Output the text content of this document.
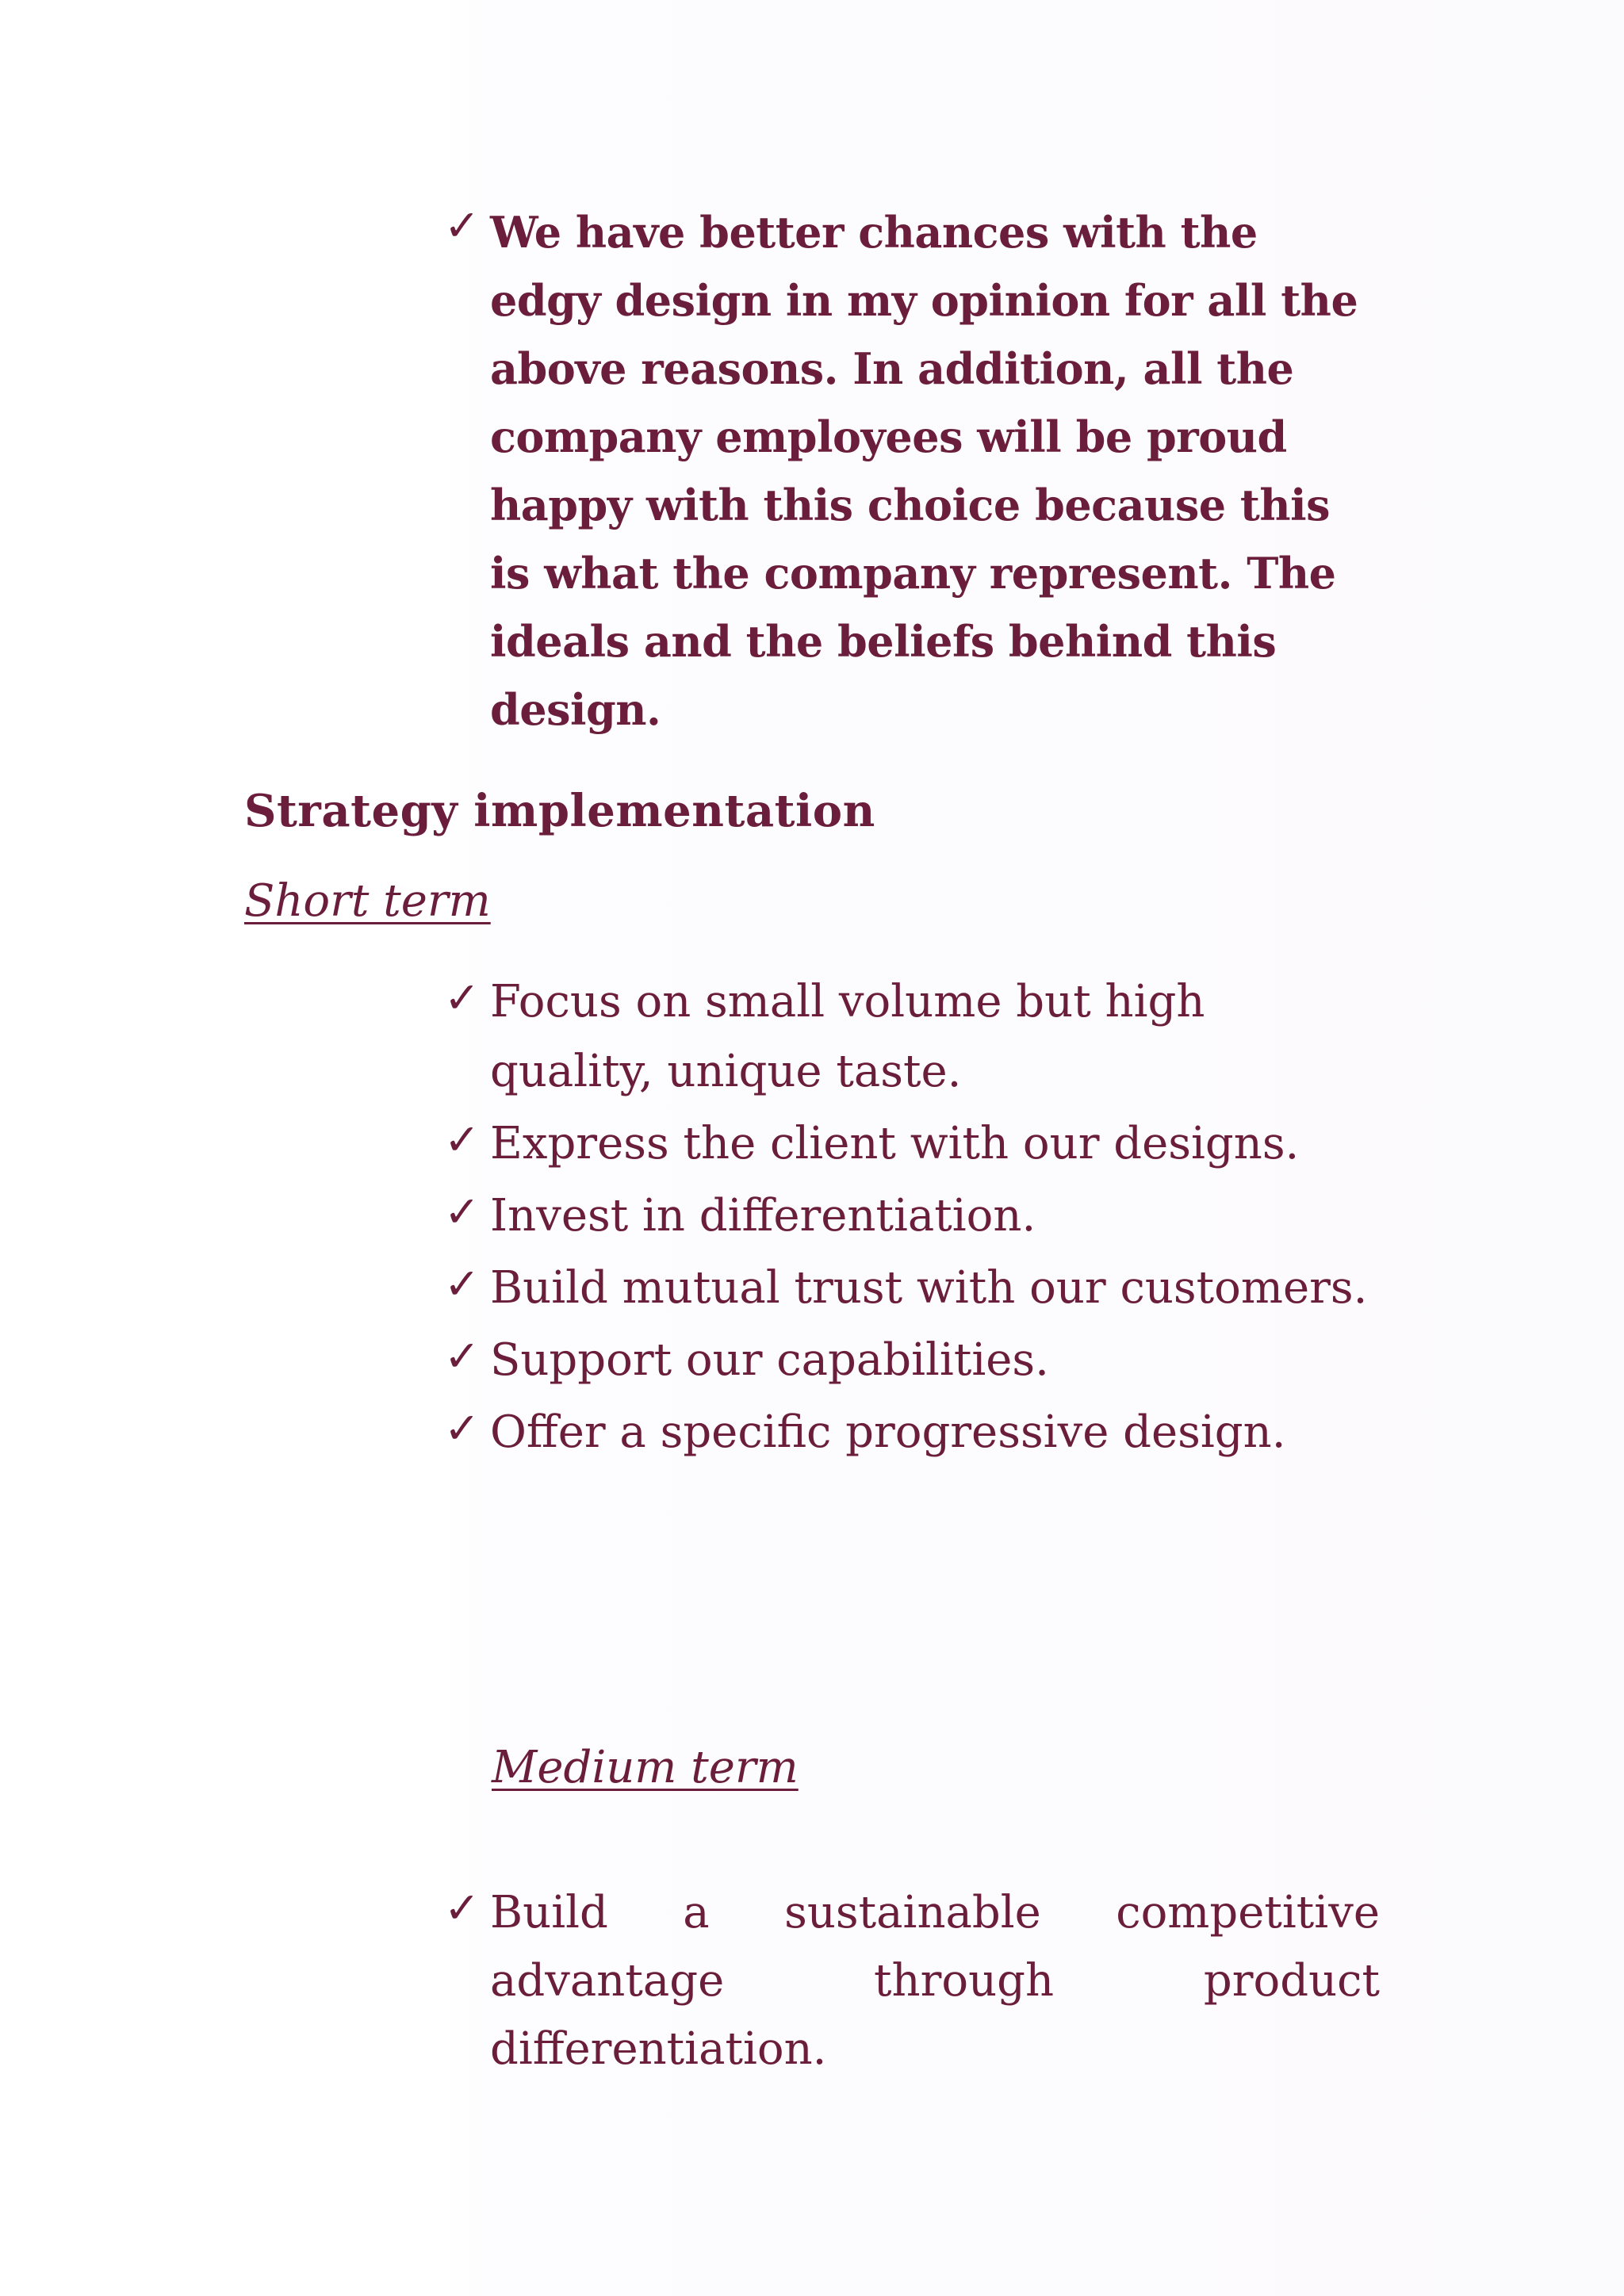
✓ We have better chances with the edgy design in my opinion for all the above reasons. In addition, all the company employees will be proud happy with this choice because this is what the company represent. The ideals and the beliefs behind this design.
Strategy implementation
Short term
✓ Focus on small volume but high quality, unique taste.
✓ Express the client with our designs.
✓ Invest in differentiation.
✓ Build mutual trust with our customers.
✓ Support our capabilities.
✓ Offer a specific progressive design.
Medium term
✓ Build a sustainable competitive advantage through product differentiation.
